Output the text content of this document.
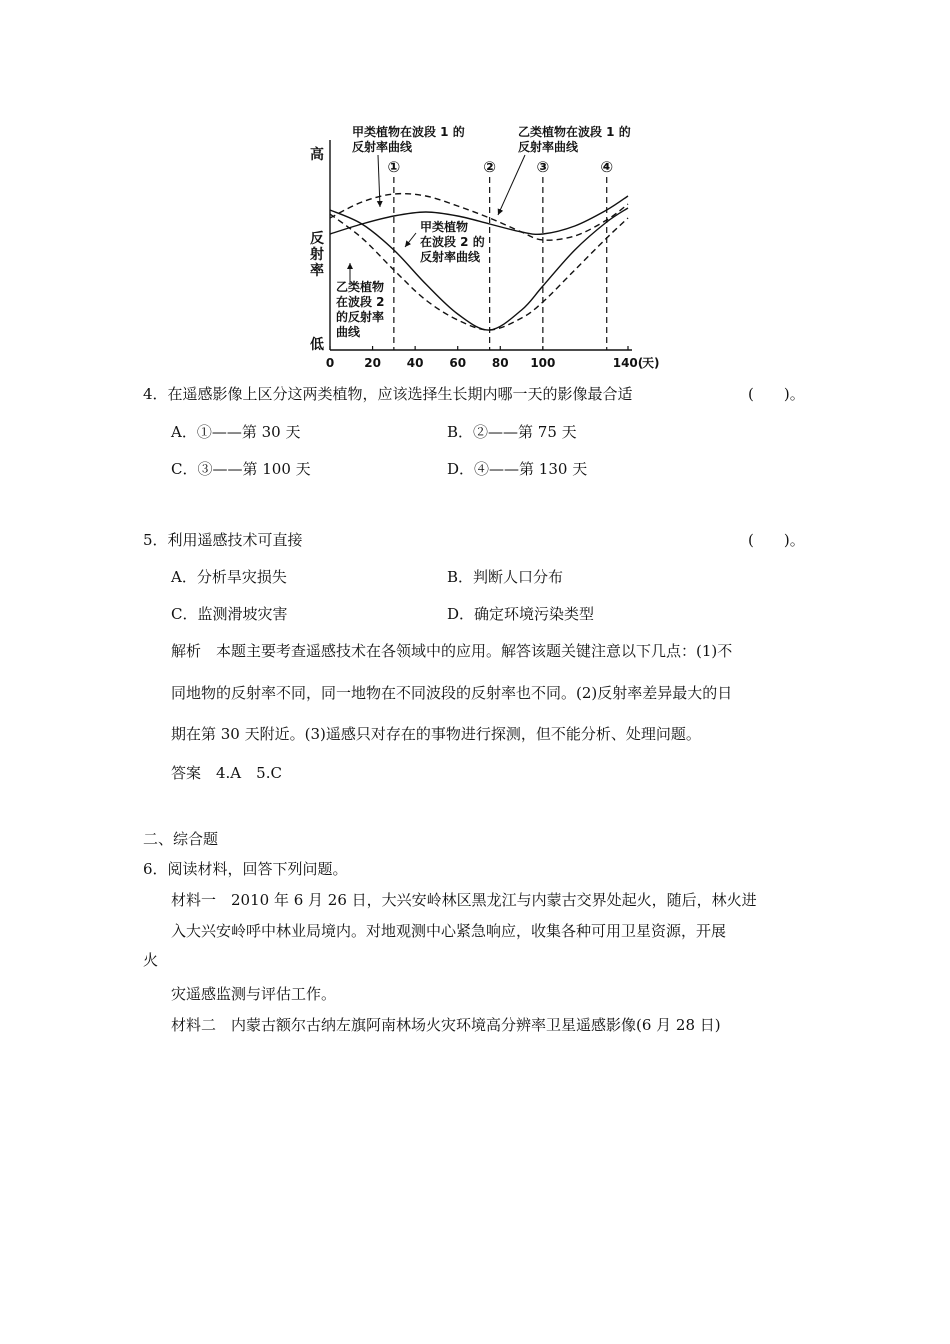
高
低
反
射
率
0	20 40 60 80 100	140(
天 )
①	②	③	④
甲类植物在波段 1 的
反射率曲线
乙类植物在波段 1 的
反射率曲线
甲类植物
在波段 2 的
反射率曲线
乙类植物
在波段 2
的反射率
曲线
4．在遥感影像上区分这两类植物，应该选择生长期内哪一天的影像最合适	(　　)。
A．①——第 30 天	B．②——第 75 天
C．③——第 100 天	D．④——第 130 天
5．利用遥感技术可直接	(　　)。
A．分析旱灾损失	B．判断人口分布
C．监测滑坡灾害	D．确定环境污染类型
解析　本题主要考查遥感技术在各领域中的应用。解答该题关键注意以下几点：(1)不
同地物的反射率不同，同一地物在不同波段的反射率也不同。(2)反射率差异最大的日
期在第 30 天附近。(3)遥感只对存在的事物进行探测，但不能分析、处理问题。
答案　4.A　5.C
二、综合题
6．阅读材料，回答下列问题。
材料一　2010 年 6 月 26 日，大兴安岭林区黑龙江与内蒙古交界处起火，随后，林火进
入大兴安岭呼中林业局境内。对地观测中心紧急响应，收集各种可用卫星资源，开展
火
灾遥感监测与评估工作。
材料二　内蒙古额尔古纳左旗阿南林场火灾环境高分辨率卫星遥感影像(6 月 28 日)
